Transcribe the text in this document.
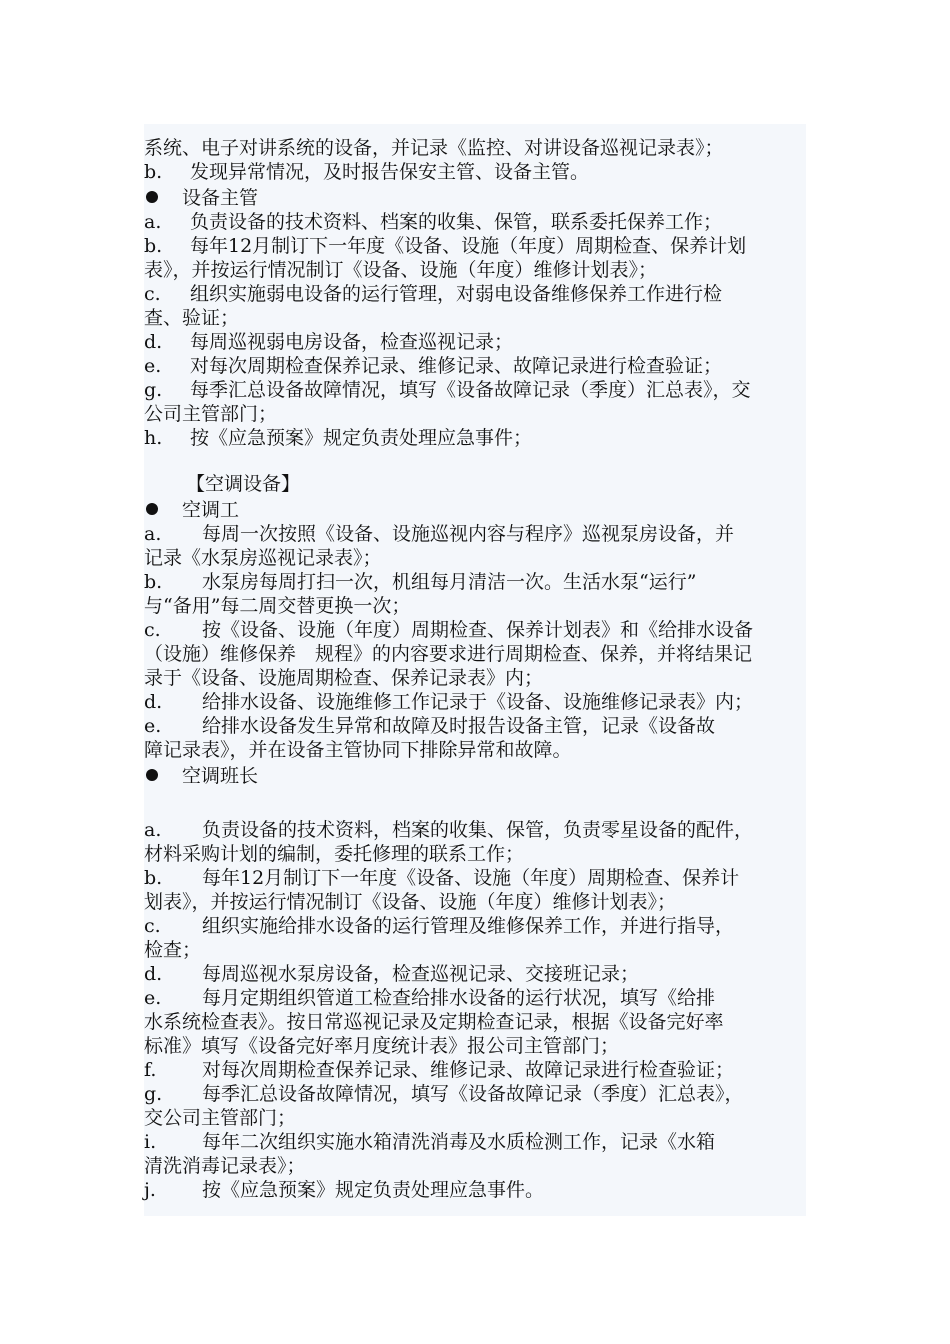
系统、电子对讲系统的设备，并记录《监控、对讲设备巡视记录表》；
b. 发现异常情况，及时报告保安主管、设备主管。
设备主管
a. 负责设备的技术资料、档案的收集、保管，联系委托保养工作；
b. 每年12月制订下一年度《设备、设施（年度）周期检查、保养计划
表》，并按运行情况制订《设备、设施（年度）维修计划表》；
c. 组织实施弱电设备的运行管理，对弱电设备维修保养工作进行检
查、验证；
d. 每周巡视弱电房设备，检查巡视记录；
e. 对每次周期检查保养记录、维修记录、故障记录进行检查验证；
g. 每季汇总设备故障情况，填写《设备故障记录（季度）汇总表》，交
公司主管部门；
h. 按《应急预案》规定负责处理应急事件；
【空调设备】
空调工
a. 每周一次按照《设备、设施巡视内容与程序》巡视泵房设备，并
记录《水泵房巡视记录表》；
b. 水泵房每周打扫一次，机组每月清洁一次。生活水泵“运行”
与“备用”每二周交替更换一次；
c. 按《设备、设施（年度）周期检查、保养计划表》和《给排水设备
（设施）维修保养　规程》的内容要求进行周期检查、保养，并将结果记
录于《设备、设施周期检查、保养记录表》内；
d. 给排水设备、设施维修工作记录于《设备、设施维修记录表》内；
e. 给排水设备发生异常和故障及时报告设备主管，记录《设备故
障记录表》，并在设备主管协同下排除异常和故障。
空调班长
a. 负责设备的技术资料，档案的收集、保管，负责零星设备的配件，
材料采购计划的编制，委托修理的联系工作；
b. 每年12月制订下一年度《设备、设施（年度）周期检查、保养计
划表》，并按运行情况制订《设备、设施（年度）维修计划表》；
c. 组织实施给排水设备的运行管理及维修保养工作，并进行指导，
检查；
d. 每周巡视水泵房设备，检查巡视记录、交接班记录；
e. 每月定期组织管道工检查给排水设备的运行状况，填写《给排
水系统检查表》。按日常巡视记录及定期检查记录，根据《设备完好率
标准》填写《设备完好率月度统计表》报公司主管部门；
f. 对每次周期检查保养记录、维修记录、故障记录进行检查验证；
g. 每季汇总设备故障情况，填写《设备故障记录（季度）汇总表》，
交公司主管部门；
i. 每年二次组织实施水箱清洗消毒及水质检测工作，记录《水箱
清洗消毒记录表》；
j. 按《应急预案》规定负责处理应急事件。
